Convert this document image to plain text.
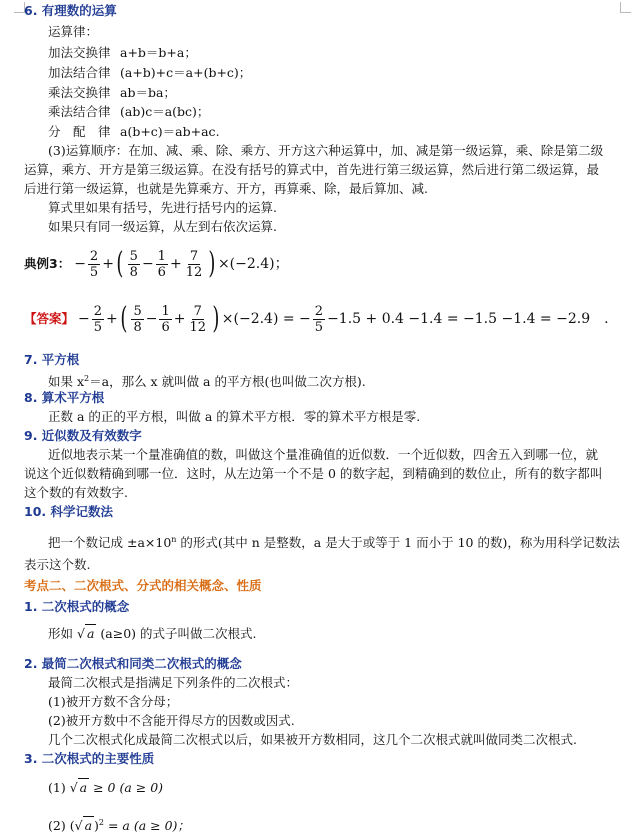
6. 有理数的运算
运算律：
加法交换律 a+b＝b+a；
加法结合律 (a+b)+c＝a+(b+c)；
乘法交换律 ab＝ba；
乘法结合律 (ab)c＝a(bc)；
分　配　律 a(b+c)＝ab+ac.
(3)运算顺序：在加、减、乘、除、乘方、开方这六种运算中，加、减是第一级运算，乘、除是第二级
运算，乘方、开方是第三级运算。在没有括号的算式中，首先进行第三级运算，然后进行第二级运算，最
后进行第一级运算，也就是先算乘方、开方，再算乘、除，最后算加、减.
算式里如果有括号，先进行括号内的运算.
如果只有同一级运算，从左到右依次运算.
典例3： − $\frac{2}{5}$ + ( $\frac{5}{8} - \frac{1}{6} + \frac{7}{12}$ ) ×(−2.4)；
【答案】 − $\frac{2}{5}$ + ( $\frac{5}{8} - \frac{1}{6} + \frac{7}{12}$ ) ×(−2.4) = − $\frac{2}{5} -1.5 + 0.4 -1.4 = -1.5 -1.4 = -2.9$　.
7. 平方根
如果 $x^2=a$，那么 x 就叫做 a 的平方根(也叫做二次方根).
8. 算术平方根
正数 a 的正的平方根，叫做 a 的算术平方根．零的算术平方根是零.
9. 近似数及有效数字
近似地表示某一个量准确值的数，叫做这个量准确值的近似数．一个近似数，四舍五入到哪一位，就
说这个近似数精确到哪一位．这时，从左边第一个不是 0 的数字起，到精确到的数位止，所有的数字都叫
这个数的有效数字.
10. 科学记数法
把一个数记成 $\pm a\times 10^n$ 的形式(其中 n 是整数，a 是大于或等于 1 而小于 10 的数)，称为用科学记数法
表示这个数.
考点二、二次根式、分式的相关概念、性质
1. 二次根式的概念
形如 √ a (a≥0) 的式子叫做二次根式.
2. 最简二次根式和同类二次根式的概念
最简二次根式是指满足下列条件的二次根式：
(1)被开方数不含分母；
(2)被开方数中不含能开得尽方的因数或因式.
几个二次根式化成最简二次根式以后，如果被开方数相同，这几个二次根式就叫做同类二次根式.
3. 二次根式的主要性质
(1) √ a ≥ 0 (a ≥ 0)
(2) (√ a )$^2$ = a (a ≥ 0)；
